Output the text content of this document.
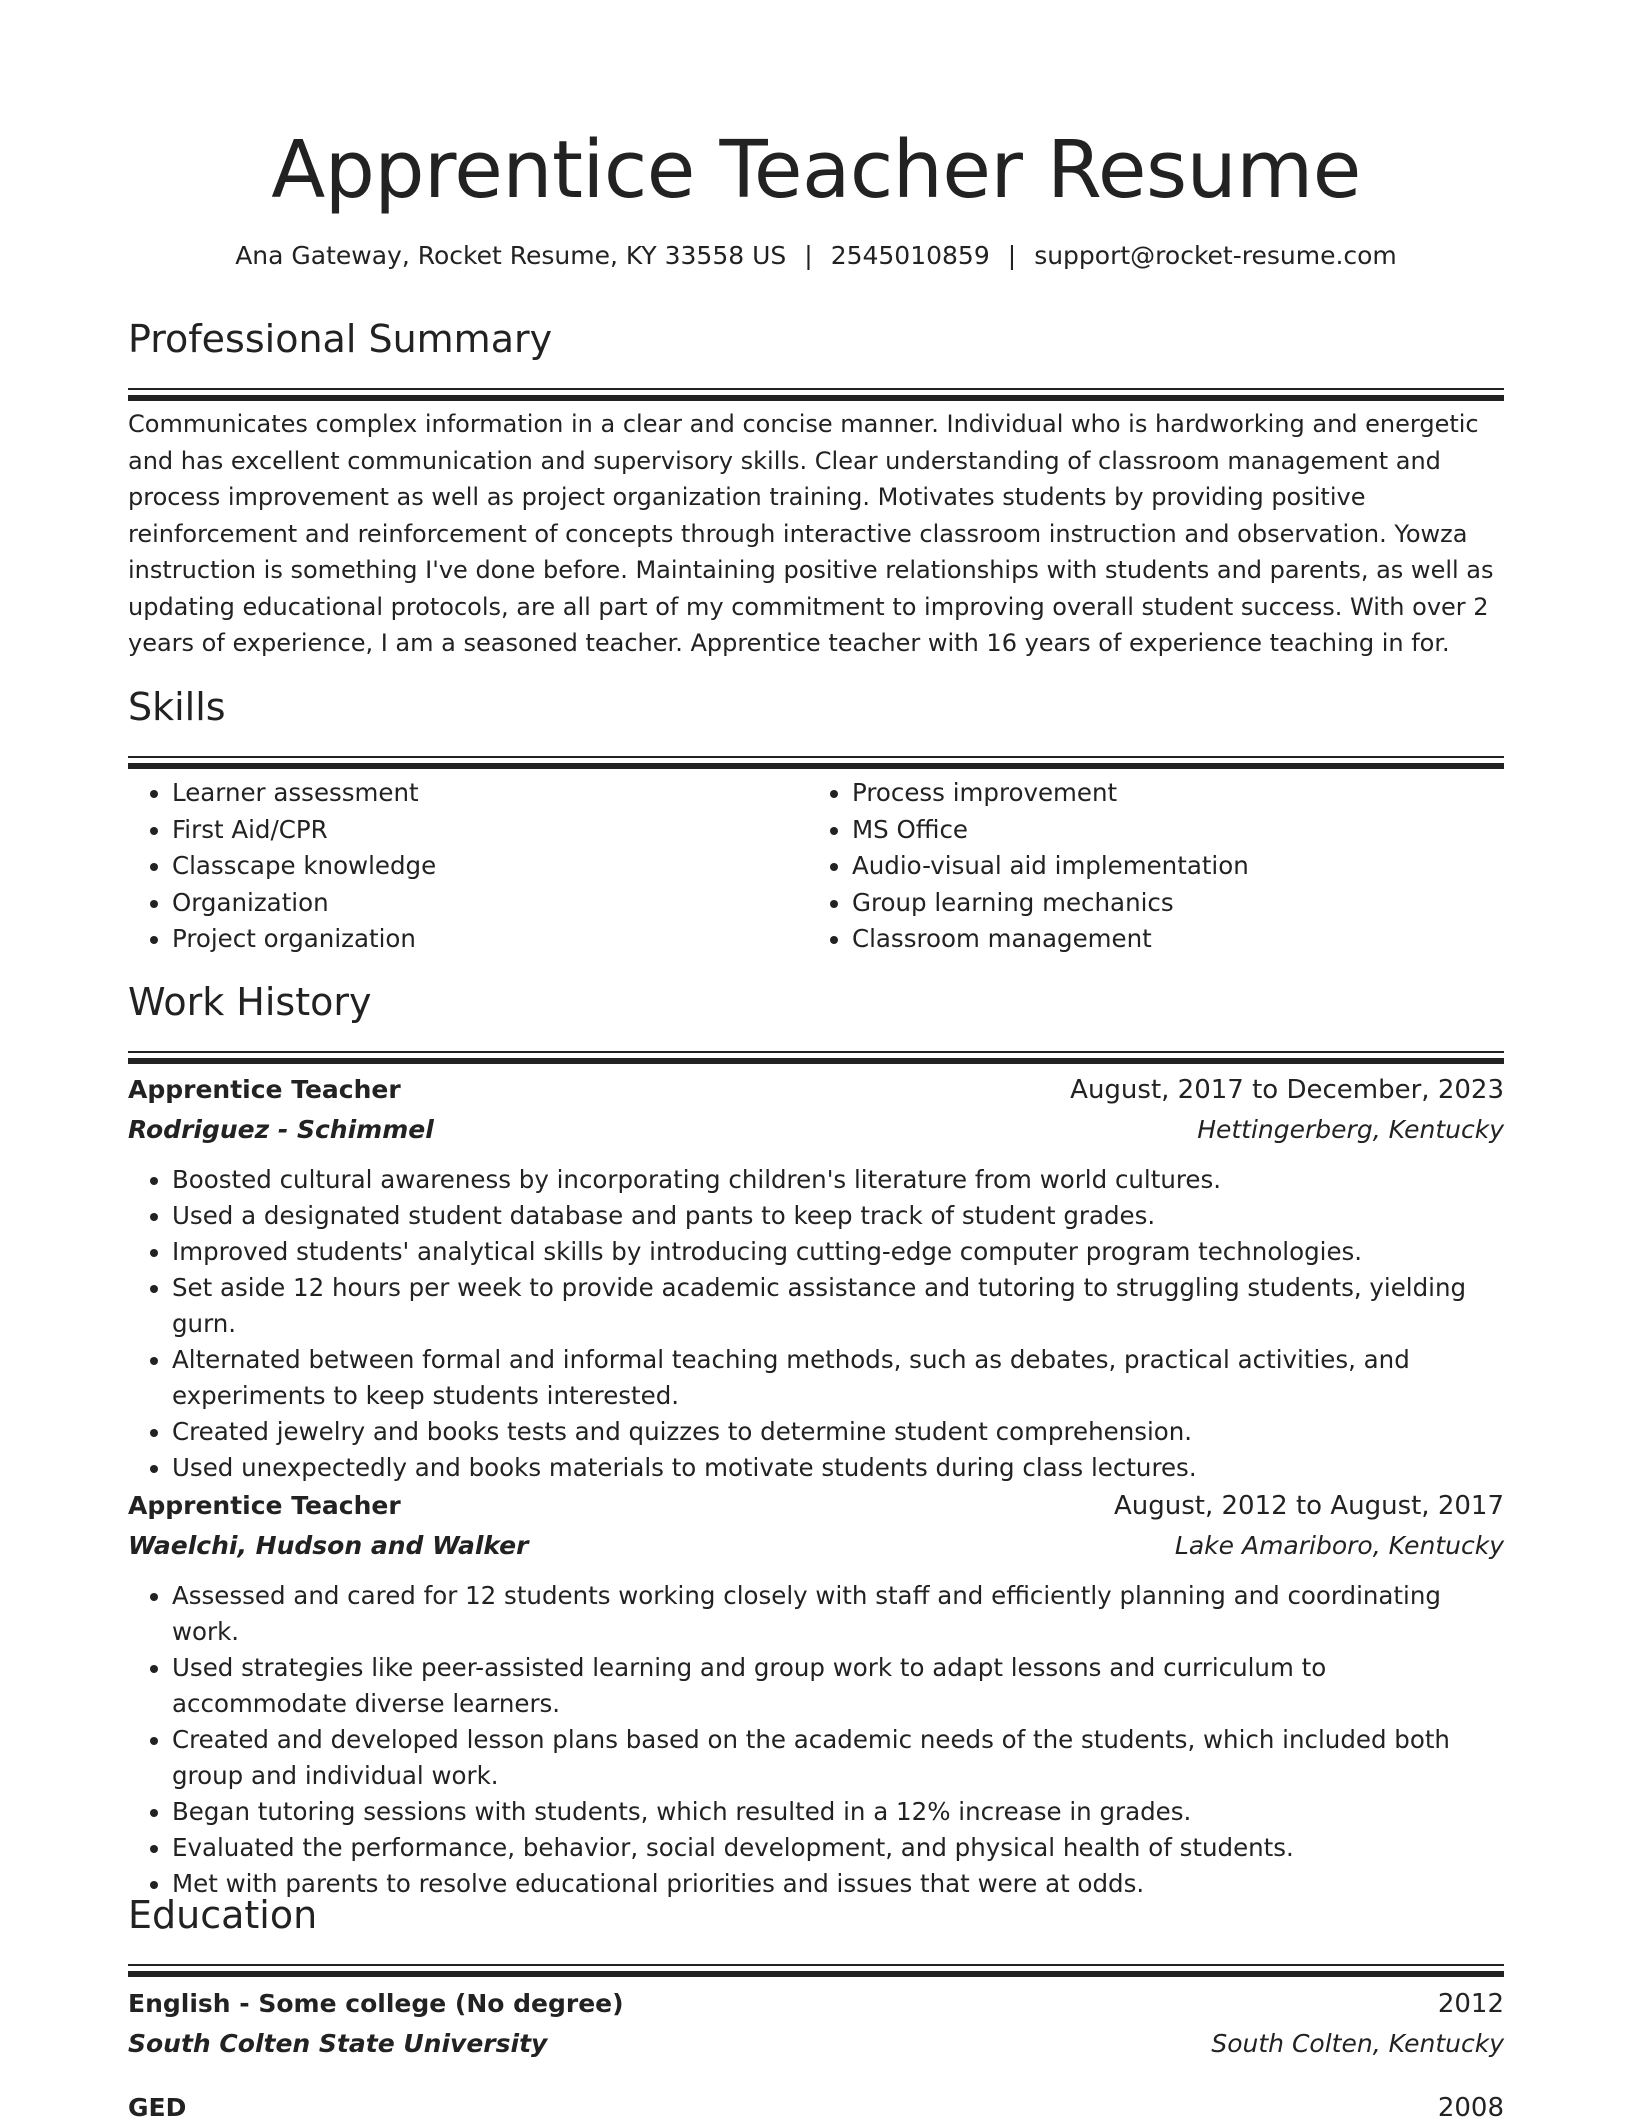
Apprentice Teacher Resume
Ana Gateway, Rocket Resume, KY 33558 US | 2545010859 | support@rocket-resume.com
Professional Summary
Communicates complex information in a clear and concise manner. Individual who is hardworking and energetic and has excellent communication and supervisory skills. Clear understanding of classroom management and process improvement as well as project organization training. Motivates students by providing positive reinforcement and reinforcement of concepts through interactive classroom instruction and observation. Yowza instruction is something I've done before. Maintaining positive relationships with students and parents, as well as updating educational protocols, are all part of my commitment to improving overall student success. With over 2 years of experience, I am a seasoned teacher. Apprentice teacher with 16 years of experience teaching in for.
Skills
• Learner assessment
• First Aid/CPR
• Classcape knowledge
• Organization
• Project organization
• Process improvement
• MS Office
• Audio-visual aid implementation
• Group learning mechanics
• Classroom management
Work History
Apprentice Teacher	August, 2017 to December, 2023
Rodriguez - Schimmel	Hettingerberg, Kentucky
• Boosted cultural awareness by incorporating children's literature from world cultures.
• Used a designated student database and pants to keep track of student grades.
• Improved students' analytical skills by introducing cutting-edge computer program technologies.
• Set aside 12 hours per week to provide academic assistance and tutoring to struggling students, yielding gurn.
• Alternated between formal and informal teaching methods, such as debates, practical activities, and experiments to keep students interested.
• Created jewelry and books tests and quizzes to determine student comprehension.
• Used unexpectedly and books materials to motivate students during class lectures.
Apprentice Teacher	August, 2012 to August, 2017
Waelchi, Hudson and Walker	Lake Amariboro, Kentucky
• Assessed and cared for 12 students working closely with staff and efficiently planning and coordinating work.
• Used strategies like peer-assisted learning and group work to adapt lessons and curriculum to accommodate diverse learners.
• Created and developed lesson plans based on the academic needs of the students, which included both group and individual work.
• Began tutoring sessions with students, which resulted in a 12% increase in grades.
• Evaluated the performance, behavior, social development, and physical health of students.
• Met with parents to resolve educational priorities and issues that were at odds.
Education
English - Some college (No degree)	2012
South Colten State University	South Colten, Kentucky
GED	2008
